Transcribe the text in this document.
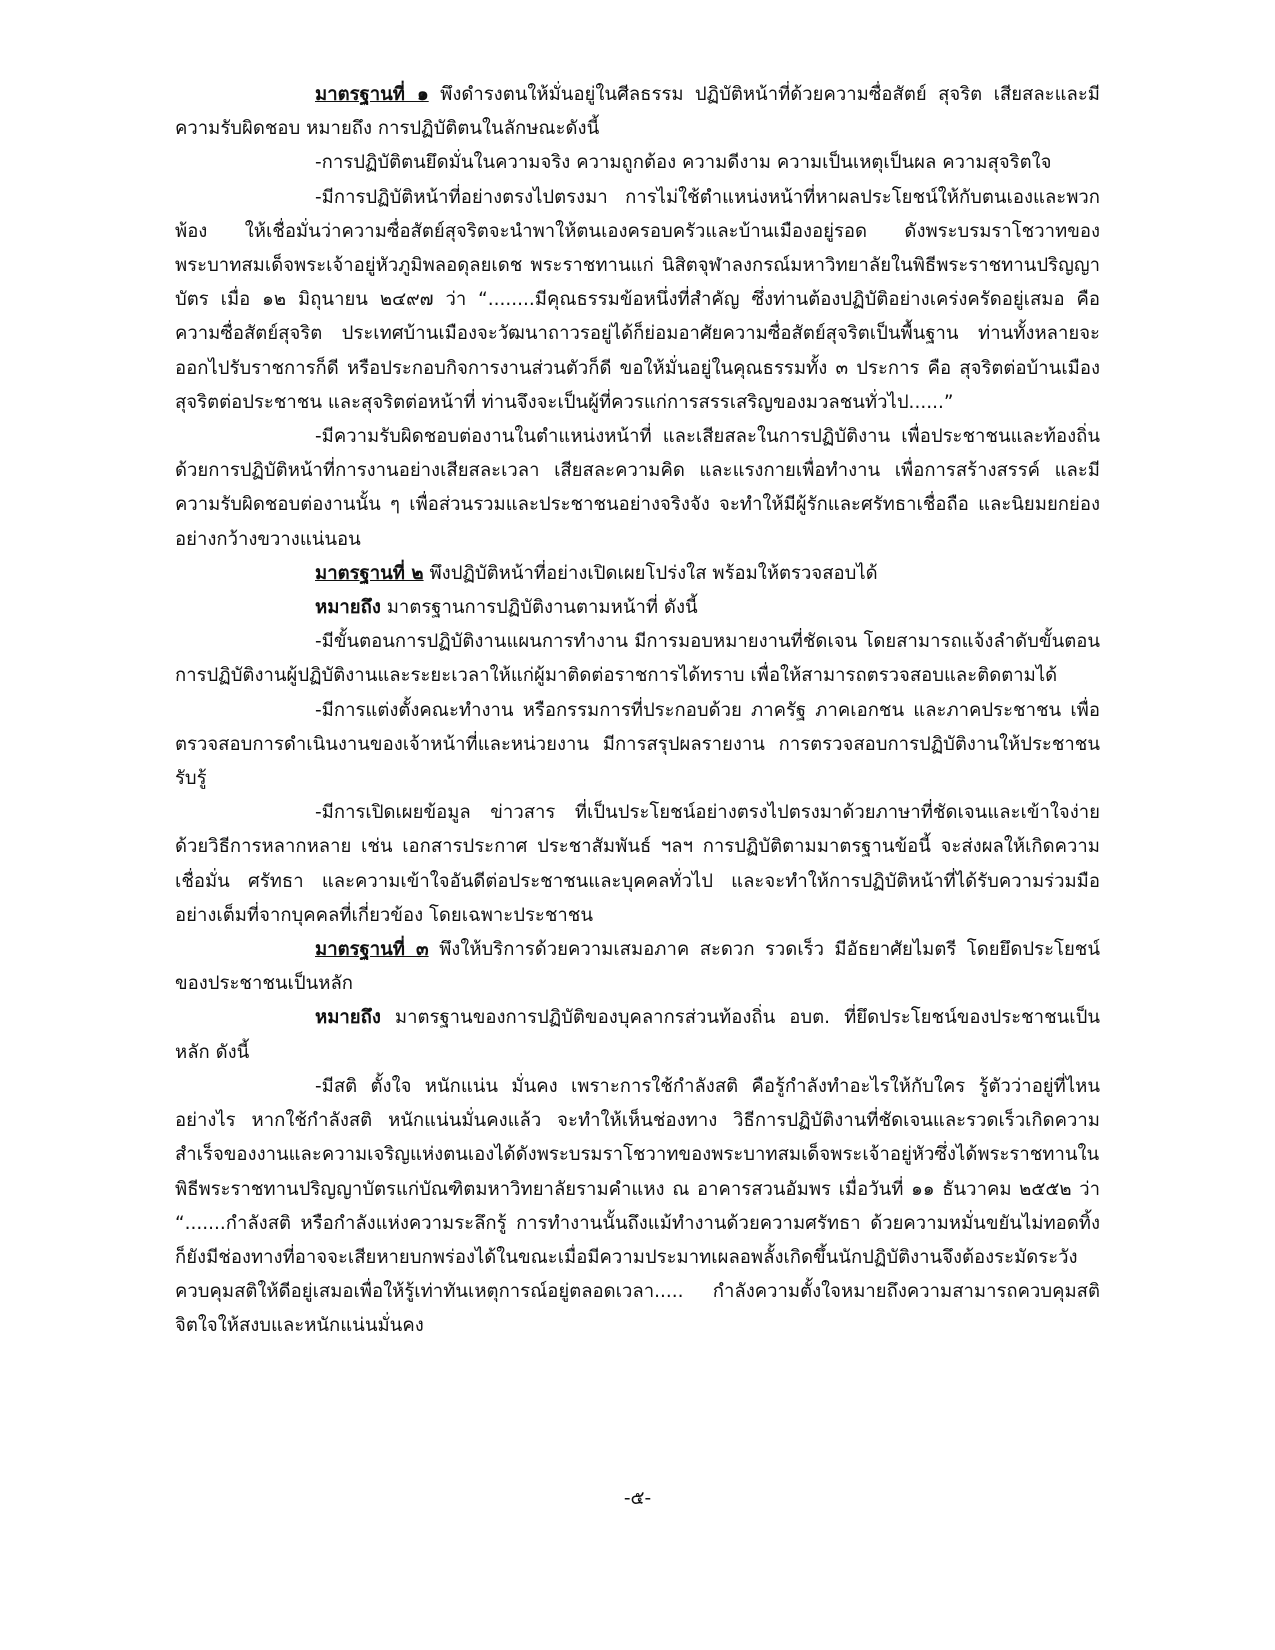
มาตรฐานที่ ๑ พึงดำรงตนให้มั่นอยู่ในศีลธรรม ปฏิบัติหน้าที่ด้วยความซื่อสัตย์ สุจริต เสียสละและมีความรับผิดชอบ หมายถึง การปฏิบัติตนในลักษณะดังนี้

-การปฏิบัติตนยึดมั่นในความจริง ความถูกต้อง ความดีงาม ความเป็นเหตุเป็นผล ความสุจริตใจ

-มีการปฏิบัติหน้าที่อย่างตรงไปตรงมา การไม่ใช้ตำแหน่งหน้าที่หาผลประโยชน์ให้กับตนเองและพวกพ้อง ให้เชื่อมั่นว่าความซื่อสัตย์สุจริตจะนำพาให้ตนเองครอบครัวและบ้านเมืองอยู่รอด ดังพระบรมราโชวาทของพระบาทสมเด็จพระเจ้าอยู่หัวภูมิพลอดุลยเดช พระราชทานแก่ นิสิตจุฬาลงกรณ์มหาวิทยาลัยในพิธีพระราชทานปริญญาบัตร เมื่อ ๑๒ มิถุนายน ๒๔๙๗ ว่า “........มีคุณธรรมข้อหนึ่งที่สำคัญ ซึ่งท่านต้องปฏิบัติอย่างเคร่งครัดอยู่เสมอ คือ ความซื่อสัตย์สุจริต ประเทศบ้านเมืองจะวัฒนาถาวรอยู่ได้ก็ย่อมอาศัยความซื่อสัตย์สุจริตเป็นพื้นฐาน ท่านทั้งหลายจะออกไปรับราชการก็ดี หรือประกอบกิจการงานส่วนตัวก็ดี ขอให้มั่นอยู่ในคุณธรรมทั้ง ๓ ประการ คือ สุจริตต่อบ้านเมือง สุจริตต่อประชาชน และสุจริตต่อหน้าที่ ท่านจึงจะเป็นผู้ที่ควรแก่การสรรเสริญของมวลชนทั่วไป......”

-มีความรับผิดชอบต่องานในตำแหน่งหน้าที่ และเสียสละในการปฏิบัติงาน เพื่อประชาชนและท้องถิ่นด้วยการปฏิบัติหน้าที่การงานอย่างเสียสละเวลา เสียสละความคิด และแรงกายเพื่อทำงาน เพื่อการสร้างสรรค์ และมีความรับผิดชอบต่องานนั้น ๆ เพื่อส่วนรวมและประชาชนอย่างจริงจัง จะทำให้มีผู้รักและศรัทธาเชื่อถือ และนิยมยกย่องอย่างกว้างขวางแน่นอน

มาตรฐานที่ ๒ พึงปฏิบัติหน้าที่อย่างเปิดเผยโปร่งใส พร้อมให้ตรวจสอบได้

หมายถึง มาตรฐานการปฏิบัติงานตามหน้าที่ ดังนี้

-มีขั้นตอนการปฏิบัติงานแผนการทำงาน มีการมอบหมายงานที่ชัดเจน โดยสามารถแจ้งลำดับขั้นตอนการปฏิบัติงานผู้ปฏิบัติงานและระยะเวลาให้แก่ผู้มาติดต่อราชการได้ทราบ เพื่อให้สามารถตรวจสอบและติดตามได้

-มีการแต่งตั้งคณะทำงาน หรือกรรมการที่ประกอบด้วย ภาครัฐ ภาคเอกชน และภาคประชาชน เพื่อตรวจสอบการดำเนินงานของเจ้าหน้าที่และหน่วยงาน มีการสรุปผลรายงาน การตรวจสอบการปฏิบัติงานให้ประชาชนรับรู้

-มีการเปิดเผยข้อมูล ข่าวสาร ที่เป็นประโยชน์อย่างตรงไปตรงมาด้วยภาษาที่ชัดเจนและเข้าใจง่าย ด้วยวิธีการหลากหลาย เช่น เอกสารประกาศ ประชาสัมพันธ์ ฯลฯ การปฏิบัติตามมาตรฐานข้อนี้ จะส่งผลให้เกิดความเชื่อมั่น ศรัทธา และความเข้าใจอันดีต่อประชาชนและบุคคลทั่วไป และจะทำให้การปฏิบัติหน้าที่ได้รับความร่วมมืออย่างเต็มที่จากบุคคลที่เกี่ยวข้อง โดยเฉพาะประชาชน

มาตรฐานที่ ๓ พึงให้บริการด้วยความเสมอภาค สะดวก รวดเร็ว มีอัธยาศัยไมตรี โดยยึดประโยชน์ของประชาชนเป็นหลัก

หมายถึง มาตรฐานของการปฏิบัติของบุคลากรส่วนท้องถิ่น อบต. ที่ยึดประโยชน์ของประชาชนเป็นหลัก ดังนี้

-มีสติ ตั้งใจ หนักแน่น มั่นคง เพราะการใช้กำลังสติ คือรู้กำลังทำอะไรให้กับใคร รู้ตัวว่าอยู่ที่ไหน อย่างไร หากใช้กำลังสติ หนักแน่นมั่นคงแล้ว จะทำให้เห็นช่องทาง วิธีการปฏิบัติงานที่ชัดเจนและรวดเร็วเกิดความสำเร็จของงานและความเจริญแห่งตนเองได้ดังพระบรมราโชวาทของพระบาทสมเด็จพระเจ้าอยู่หัวซึ่งได้พระราชทานในพิธีพระราชทานปริญญาบัตรแก่บัณฑิตมหาวิทยาลัยรามคำแหง ณ อาคารสวนอัมพร เมื่อวันที่ ๑๑ ธันวาคม ๒๕๕๒ ว่า “.......กำลังสติ หรือกำลังแห่งความระลึกรู้ การทำงานนั้นถึงแม้ทำงานด้วยความศรัทธา ด้วยความหมั่นขยันไม่ทอดทิ้งก็ยังมีช่องทางที่อาจจะเสียหายบกพร่องได้ในขณะเมื่อมีความประมาทเผลอพลั้งเกิดขึ้นนักปฏิบัติงานจึงต้องระมัดระวัง ควบคุมสติให้ดีอยู่เสมอเพื่อให้รู้เท่าทันเหตุการณ์อยู่ตลอดเวลา..... กำลังความตั้งใจหมายถึงความสามารถควบคุมสติจิตใจให้สงบและหนักแน่นมั่นคง

-๕-
